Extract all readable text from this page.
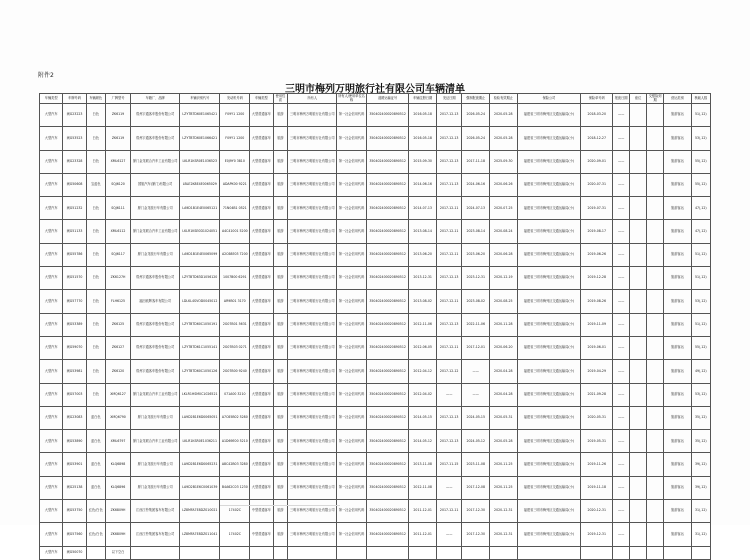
附件2
三明市梅列万明旅行社有限公司车辆清单
车辆类型	车牌号码	车辆颜色	厂牌型号	车籍厂、品牌	车辆识别代号	发动机号码	车辆类型	使用性质	所有人	所有人/使用单位名称	道路运输证号	车辆注册日期	发证日期	强制报废期止	检验有效期止	保险公司	保险单号码	报废日期	座位	交强险到期	营运类别	核载人数
大型汽车	闽G23223	白色	ZK6119	郑州宇通客车股份有限公司	LZYTBTD60E1065421	F09Y1 1200	大型普通客车	旅游	三明市梅列万明旅行社有限公司	第一社会信用代码	350402400020890512	2016-05-18	2017-12-13	2026-05-24	2020-05-28	福建省三明市梅列区交通运输局(小)	2018-03-20	——			旅游客运	51(,12)
大型汽车	闽G53523	白色	ZK6119	郑州宇通客车股份有限公司	LZYTBTD60E1066421	F09Y1 1200	大型普通客车	旅游	三明市梅列万明旅行社有限公司	第一社会信用代码	350402400020890512	2016-05-18	2017-12-13	2026-05-24	2020-05-28	福建省三明市梅列区交通运输局(小)	2018-12-27	——			旅游客运	53(,12)
大型汽车	闽G23328	白色	XML6127	厦门金龙联合汽车工业有限公司	LKLR1KSR0E1036523	E0J9Y0 3810	大型普通客车	旅游	三明市梅列万明旅行社有限公司	第一社会信用代码	350402400020890512	2015-09-30	2017-12-13	2017-11-18	2025-09-30	福建省三明市梅列区交通运输局(小)	2020-09-01	——			旅游客运	55(,12)
大型汽车	闽G50608	宝蓝色	SQJ6120	国旅汽车(厦门)有限公司	LBLE2K8E4E0065029	ADAPK00 9221	大型普通客车	旅游	三明市梅列万明旅行社有限公司	第一社会信用代码	350402400020890512	2014-06-16	2017-11-13	2024-06-16	2020-06-26	福建省三明市梅列区交通运输局(小)	2020-07-31	——			旅游客运	55(,12)
大型汽车	闽G51232	白色	SQJ6111	厦门金龙旅行车有限公司	LA9D1B1E4E0065121	71N04B1 0521	大型普通客车	旅游	三明市梅列万明旅行社有限公司	第一社会信用代码	350402400020890512	2014-07-13	2017-12-11	2024-07-13	2020-07-25	福建省三明市梅列区交通运输局(小)	2019-07-31	——			旅游客运	47(,12)
大型汽车	闽G51133	白色	XML6112	厦门金龙联合汽车工业有限公司	LKLR1KSE0D1024051	A4C41001 5200	大型普通客车	旅游	三明市梅列万明旅行社有限公司	第一社会信用代码	350402400020890512	2013-08-14	2017-12-11	2023-08-14	2020-08-24	福建省三明市梅列区交通运输局(小)	2019-08-17	——			旅游客运	47(,12)
大型汽车	闽G55786	白色	SQJ6117	厦门金龙旅行车有限公司	LA9D1B1E4E0065099	A2C68E03 7200	大型普通客车	旅游	三明市梅列万明旅行社有限公司	第一社会信用代码	350402400020890512	2013-06-20	2017-12-11	2023-06-20	2020-06-28	福建省三明市梅列区交通运输局(小)	2019-06-26	——			旅游客运	51(,12)
大型汽车	闽G51570	白色	ZK6127H	郑州宇通客车股份有限公司	LZYTBTD63D1056120	1007B00 6291	大型普通客车	旅游	三明市梅列万明旅行社有限公司	第一社会信用代码	350402400020890512	2013-12-31	2017-12-13	2023-12-31	2020-12-19	福建省三明市梅列区交通运输局(小)	2019-12-28	——			旅游客运	51(,12)
大型汽车	闽G57770	白色	FLH6125	福田欧辉客车有限公司	LDLKL4SVOD0045012	AR9B01 3170	大型普通客车	旅游	三明市梅列万明旅行社有限公司	第一社会信用代码	350402400020890512	2013-08-02	2017-12-11	2023-08-02	2020-08-25	福建省三明市梅列区交通运输局(小)	2019-08-26	——			旅游客运	53(,12)
大型汽车	闽G53389	白色	ZK6125	郑州宇通客车股份有限公司	LZYTBTD60C1050191	2G07B01 5631	大型普通客车	旅游	三明市梅列万明旅行社有限公司	第一社会信用代码	350402400020890512	2012-11-06	2017-12-13	2022-11-06	2020-11-28	福建省三明市梅列区交通运输局(小)	2019-11-09	——			旅游客运	51(,12)
大型汽车	闽G59070	白色	ZK6127	郑州宇通客车股份有限公司	LZYTBTD61C1055141	2G07B03 0271	大型普通客车	旅游	三明市梅列万明旅行社有限公司	第一社会信用代码	350402400020890512	2012-06-05	2017-12-11	2017-12-01	2020-06-20	福建省三明市梅列区交通运输局(小)	2019-06-01	——			旅游客运	55(,12)
大型汽车	闽G53981	白色	ZK6120	郑州宇通客车股份有限公司	LZYTBTD60C1050126	2G07B00 9240	大型普通客车	旅游	三明市梅列万明旅行社有限公司	第一社会信用代码	350402400020890512	2012-04-12	2017-12-12	——	2020-04-28	福建省三明市梅列区交通运输局(小)	2019-04-29	——			旅游客运	49(,12)
大型汽车	闽G57003	白色	XMQ6127	厦门金龙联合汽车工业有限公司	LKLR1HSM0C1026521	071A00 3210	大型普通客车	旅游	三明市梅列万明旅行社有限公司	第一社会信用代码	350402400020890512	2012-04-02	——	——	2020-04-28	福建省三明市梅列区交通运输局(小)	2021-09-28	——			旅游客运	53(,12)
大型汽车	闽G23083	蓝白色	XMQ6790	厦门金龙旅行车有限公司	LA9D2B1E6D0065051	A7C65B02 5280	大型普通客车	旅游	三明市梅列万明旅行社有限公司	第一社会信用代码	350402400020890512	2014-05-15	2017-12-13	2024-05-15	2020-05-31	福建省三明市梅列区交通运输局(小)	2020-05-31	——			旅游客运	35(,12)
大型汽车	闽G53890	蓝白色	XML6797	厦门金龙联合汽车工业有限公司	LKLR1KSR0E1036211	A1D69E00 5210	大型普通客车	旅游	三明市梅列万明旅行社有限公司	第一社会信用代码	350402400020890512	2014-05-12	2017-12-13	2024-05-12	2020-05-28	福建省三明市梅列区交通运输局(小)	2019-05-31	——			旅游客运	35(,12)
大型汽车	闽G53901	蓝白色	KLQ6898	厦门金龙旅行车有限公司	LA9D2B1E6D0065231	A8C42B03 3280	大型普通客车	旅游	三明市梅列万明旅行社有限公司	第一社会信用代码	350402400020890512	2013-11-08	2017-11-15	2023-11-08	2020-11-25	福建省三明市梅列区交通运输局(小)	2019-11-26	——			旅游客运	39(,12)
大型汽车	闽G25138	蓝白色	KLQ6896	厦门金龙旅行车有限公司	LA9D2B1E6C0061039	B4A62C03 1230	大型普通客车	旅游	三明市梅列万明旅行社有限公司	第一社会信用代码	350402400020890512	2012-11-08	——	2017-12-08	2020-11-25	福建省三明市梅列区交通运输局(小)	2019-11-18	——			旅游客运	39(,12)
大型汽车	闽G53750	红色/白色	ZK6809H	江西江铃集团客车有限公司	LZ8MFA7E8DZ010021	17402C	中型普通客车	旅游	三明市梅列万明旅行社有限公司	第一社会信用代码	350402400020890512	2011-12-01	2017-12-11	2017-12-30	2020-12-31	福建省三明市梅列区交通运输局(小)	2020-12-31	——			旅游客运	31(,12)
大型汽车	闽G57560	红色/白色	ZK6809H	江西江铃集团客车有限公司	LZ8MFA7E8DZ011041	17402C	中型普通客车	旅游	三明市梅列万明旅行社有限公司	第一社会信用代码	350402400020890512	2011-12-01	——	2017-12-30	2020-12-31	福建省三明市梅列区交通运输局(小)	2019-12-31	——			旅游客运	31(,12)
大型汽车	闽G50070		以下空白																			
